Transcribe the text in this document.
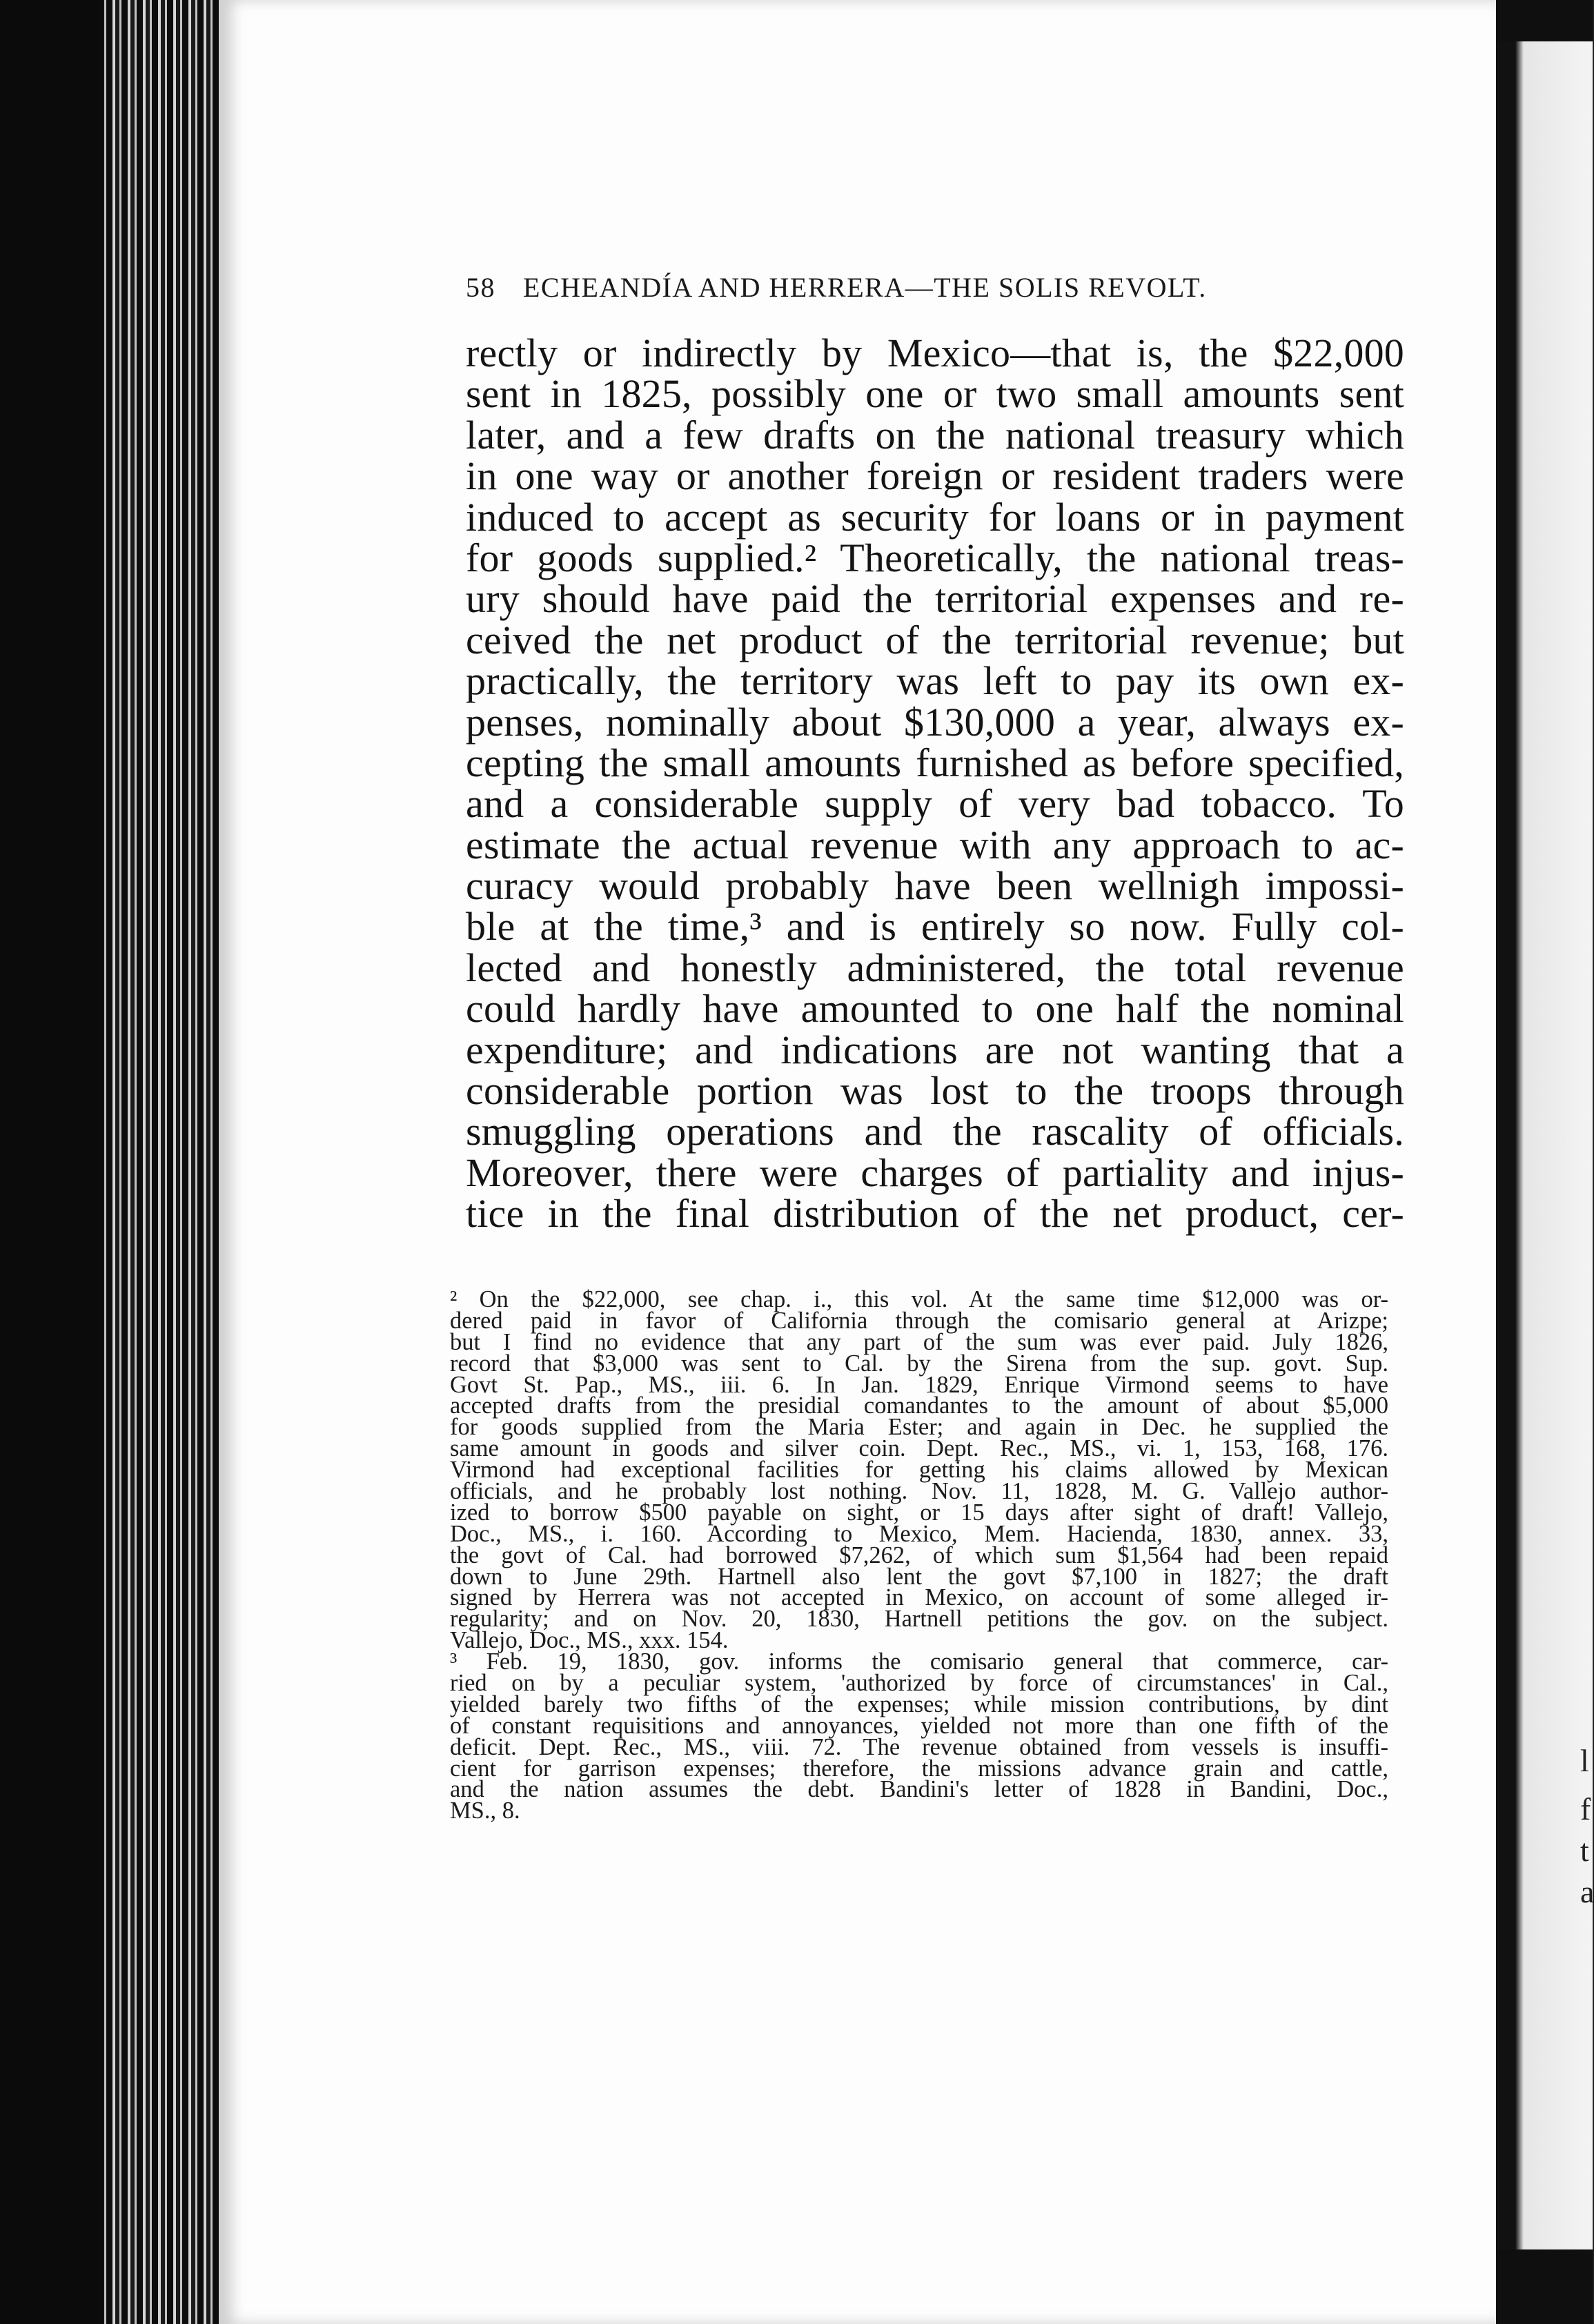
l
f
t
a
58 ECHEANDÍA AND HERRERA—THE SOLIS REVOLT.
rectly or indirectly by Mexico—that is, the $22,000
sent in 1825, possibly one or two small amounts sent
later, and a few drafts on the national treasury which
in one way or another foreign or resident traders were
induced to accept as security for loans or in payment
for goods supplied.² Theoretically, the national treas-
ury should have paid the territorial expenses and re-
ceived the net product of the territorial revenue; but
practically, the territory was left to pay its own ex-
penses, nominally about $130,000 a year, always ex-
cepting the small amounts furnished as before specified,
and a considerable supply of very bad tobacco. To
estimate the actual revenue with any approach to ac-
curacy would probably have been wellnigh impossi-
ble at the time,³ and is entirely so now. Fully col-
lected and honestly administered, the total revenue
could hardly have amounted to one half the nominal
expenditure; and indications are not wanting that a
considerable portion was lost to the troops through
smuggling operations and the rascality of officials.
Moreover, there were charges of partiality and injus-
tice in the final distribution of the net product, cer-
² On the $22,000, see chap. i., this vol. At the same time $12,000 was or-
dered paid in favor of California through the comisario general at Arizpe;
but I find no evidence that any part of the sum was ever paid. July 1826,
record that $3,000 was sent to Cal. by the Sirena from the sup. govt. Sup.
Govt St. Pap., MS., iii. 6. In Jan. 1829, Enrique Virmond seems to have
accepted drafts from the presidial comandantes to the amount of about $5,000
for goods supplied from the Maria Ester; and again in Dec. he supplied the
same amount in goods and silver coin. Dept. Rec., MS., vi. 1, 153, 168, 176.
Virmond had exceptional facilities for getting his claims allowed by Mexican
officials, and he probably lost nothing. Nov. 11, 1828, M. G. Vallejo author-
ized to borrow $500 payable on sight, or 15 days after sight of draft! Vallejo,
Doc., MS., i. 160. According to Mexico, Mem. Hacienda, 1830, annex. 33,
the govt of Cal. had borrowed $7,262, of which sum $1,564 had been repaid
down to June 29th. Hartnell also lent the govt $7,100 in 1827; the draft
signed by Herrera was not accepted in Mexico, on account of some alleged ir-
regularity; and on Nov. 20, 1830, Hartnell petitions the gov. on the subject.
Vallejo, Doc., MS., xxx. 154.
³ Feb. 19, 1830, gov. informs the comisario general that commerce, car-
ried on by a peculiar system, 'authorized by force of circumstances' in Cal.,
yielded barely two fifths of the expenses; while mission contributions, by dint
of constant requisitions and annoyances, yielded not more than one fifth of the
deficit. Dept. Rec., MS., viii. 72. The revenue obtained from vessels is insuffi-
cient for garrison expenses; therefore, the missions advance grain and cattle,
and the nation assumes the debt. Bandini's letter of 1828 in Bandini, Doc.,
MS., 8.
